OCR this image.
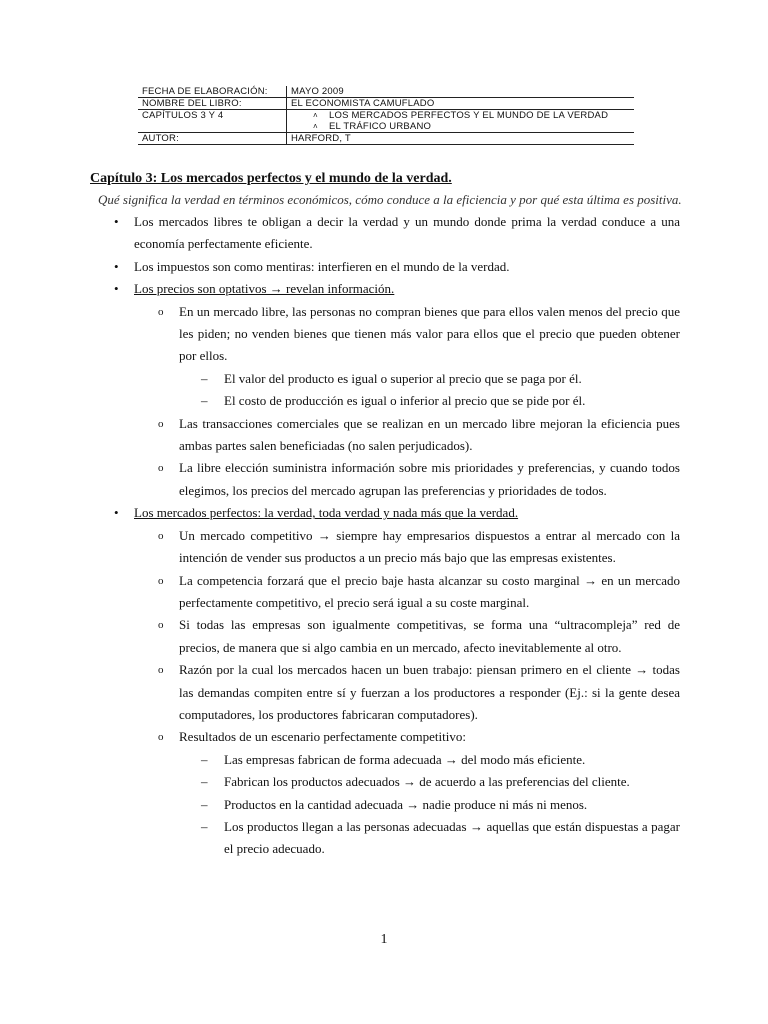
FECHA DE ELABORACIÓN:	MAYO 2009
NOMBRE DEL LIBRO:	EL ECONOMISTA CAMUFLADO
CAPÍTULOS 3 Y 4	˄ LOS MERCADOS PERFECTOS Y EL MUNDO DE LA VERDAD
˄ EL TRÁFICO URBANO

AUTOR:	HARFORD, T
Capítulo 3: Los mercados perfectos y el mundo de la verdad.
Qué significa la verdad en términos económicos, cómo conduce a la eficiencia y por qué esta última es positiva.
• Los mercados libres te obligan a decir la verdad y un mundo donde prima la verdad conduce a una economía perfectamente eficiente.
• Los impuestos son como mentiras: interfieren en el mundo de la verdad.
• Los precios son optativos → revelan información.
o En un mercado libre, las personas no compran bienes que para ellos valen menos del precio que les piden; no venden bienes que tienen más valor para ellos que el precio que pueden obtener por ellos.
– El valor del producto es igual o superior al precio que se paga por él.
– El costo de producción es igual o inferior al precio que se pide por él.
o Las transacciones comerciales que se realizan en un mercado libre mejoran la eficiencia pues ambas partes salen beneficiadas (no salen perjudicados).
o La libre elección suministra información sobre mis prioridades y preferencias, y cuando todos elegimos, los precios del mercado agrupan las preferencias y prioridades de todos.
• Los mercados perfectos: la verdad, toda verdad y nada más que la verdad.
o Un mercado competitivo → siempre hay empresarios dispuestos a entrar al mercado con la intención de vender sus productos a un precio más bajo que las empresas existentes.
o La competencia forzará que el precio baje hasta alcanzar su costo marginal → en un mercado perfectamente competitivo, el precio será igual a su coste marginal.
o Si todas las empresas son igualmente competitivas, se forma una “ultracompleja” red de precios, de manera que si algo cambia en un mercado, afecto inevitablemente al otro.
o Razón por la cual los mercados hacen un buen trabajo: piensan primero en el cliente → todas las demandas compiten entre sí y fuerzan a los productores a responder (Ej.: si la gente desea computadores, los productores fabricaran computadores).
o Resultados de un escenario perfectamente competitivo:
– Las empresas fabrican de forma adecuada → del modo más eficiente.
– Fabrican los productos adecuados → de acuerdo a las preferencias del cliente.
– Productos en la cantidad adecuada → nadie produce ni más ni menos.
– Los productos llegan a las personas adecuadas → aquellas que están dispuestas a pagar el precio adecuado.
1
